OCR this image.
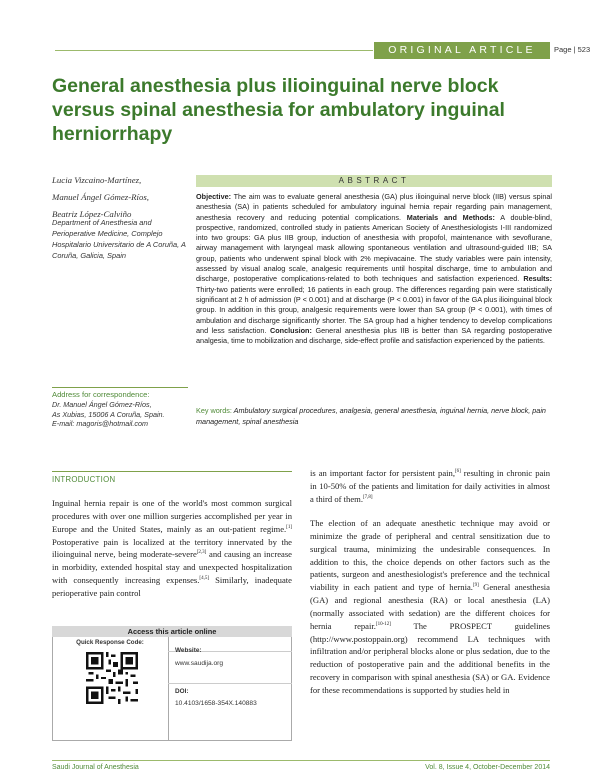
ORIGINAL ARTICLE	Page | 523
General anesthesia plus ilioinguinal nerve block versus spinal anesthesia for ambulatory inguinal herniorrhapy
Lucia Vizcaino-Martínez,
Manuel Ángel Gómez-Ríos,
Beatriz López-Calviño
Department of Anesthesia and Perioperative Medicine, Complejo Hospitalario Universitario de A Coruña, A Coruña, Galicia, Spain
Address for correspondence:
Dr. Manuel Ángel Gómez-Ríos,
As Xubias, 15006 A Coruña, Spain.
E-mail: magoris@hotmail.com
ABSTRACT
Objective: The aim was to evaluate general anesthesia (GA) plus ilioinguinal nerve block (IIB) versus spinal anesthesia (SA) in patients scheduled for ambulatory inguinal hernia repair regarding pain management, anesthesia recovery and reducing potential complications. Materials and Methods: A double-blind, prospective, randomized, controlled study in patients American Society of Anesthesiologists I-III randomized into two groups: GA plus IIB group, induction of anesthesia with propofol, maintenance with sevoflurane, airway management with laryngeal mask allowing spontaneous ventilation and ultrasound-guided IIB; SA group, patients who underwent spinal block with 2% mepivacaine. The study variables were pain intensity, assessed by visual analog scale, analgesic requirements until hospital discharge, time to ambulation and discharge, postoperative complications-related to both techniques and satisfaction experienced. Results: Thirty-two patients were enrolled; 16 patients in each group. The differences regarding pain were statistically significant at 2 h of admission (P < 0.001) and at discharge (P < 0.001) in favor of the GA plus ilioinguinal block group. In addition in this group, analgesic requirements were lower than SA group (P < 0.001), with times of ambulation and discharge significantly shorter. The SA group had a higher tendency to develop complications and less satisfaction. Conclusion: General anesthesia plus IIB is better than SA regarding postoperative analgesia, time to mobilization and discharge, side-effect profile and satisfaction experienced by the patients.
Key words: Ambulatory surgical procedures, analgesia, general anesthesia, inguinal hernia, nerve block, pain management, spinal anesthesia
INTRODUCTION
Inguinal hernia repair is one of the world's most common surgical procedures with over one million surgeries accomplished per year in Europe and the United States, mainly as an out-patient regime.[1] Postoperative pain is localized at the territory innervated by the ilioinguinal nerve, being moderate-severe[2,3] and causing an increase in morbidity, extended hospital stay and unexpected hospitalization with consequently increasing expenses.[4,5] Similarly, inadequate perioperative pain control
is an important factor for persistent pain,[6] resulting in chronic pain in 10-50% of the patients and limitation for daily activities in almost a third of them.[7,8]
The election of an adequate anesthetic technique may avoid or minimize the grade of peripheral and central sensitization due to surgical trauma, minimizing the undesirable consequences. In addition to this, the choice depends on other factors such as the patients, surgeon and anesthesiologist's preference and the technical viability in each patient and type of hernia.[9] General anesthesia (GA) and regional anesthesia (RA) or local anesthesia (LA) (normally associated with sedation) are the different choices for hernia repair.[10-12] The PROSPECT guidelines (http://www.postoppain.org) recommend LA techniques with infiltration and/or peripheral blocks alone or plus sedation, due to the reduction of postoperative pain and the additional benefits in the recovery in comparison with spinal anesthesia (SA) or GA. Evidence for these recommendations is supported by studies held in
Access this article online
Quick Response Code:
Website:
www.saudija.org
DOI:
10.4103/1658-354X.140883
Saudi Journal of Anesthesia	Vol. 8, Issue 4, October-December 2014
